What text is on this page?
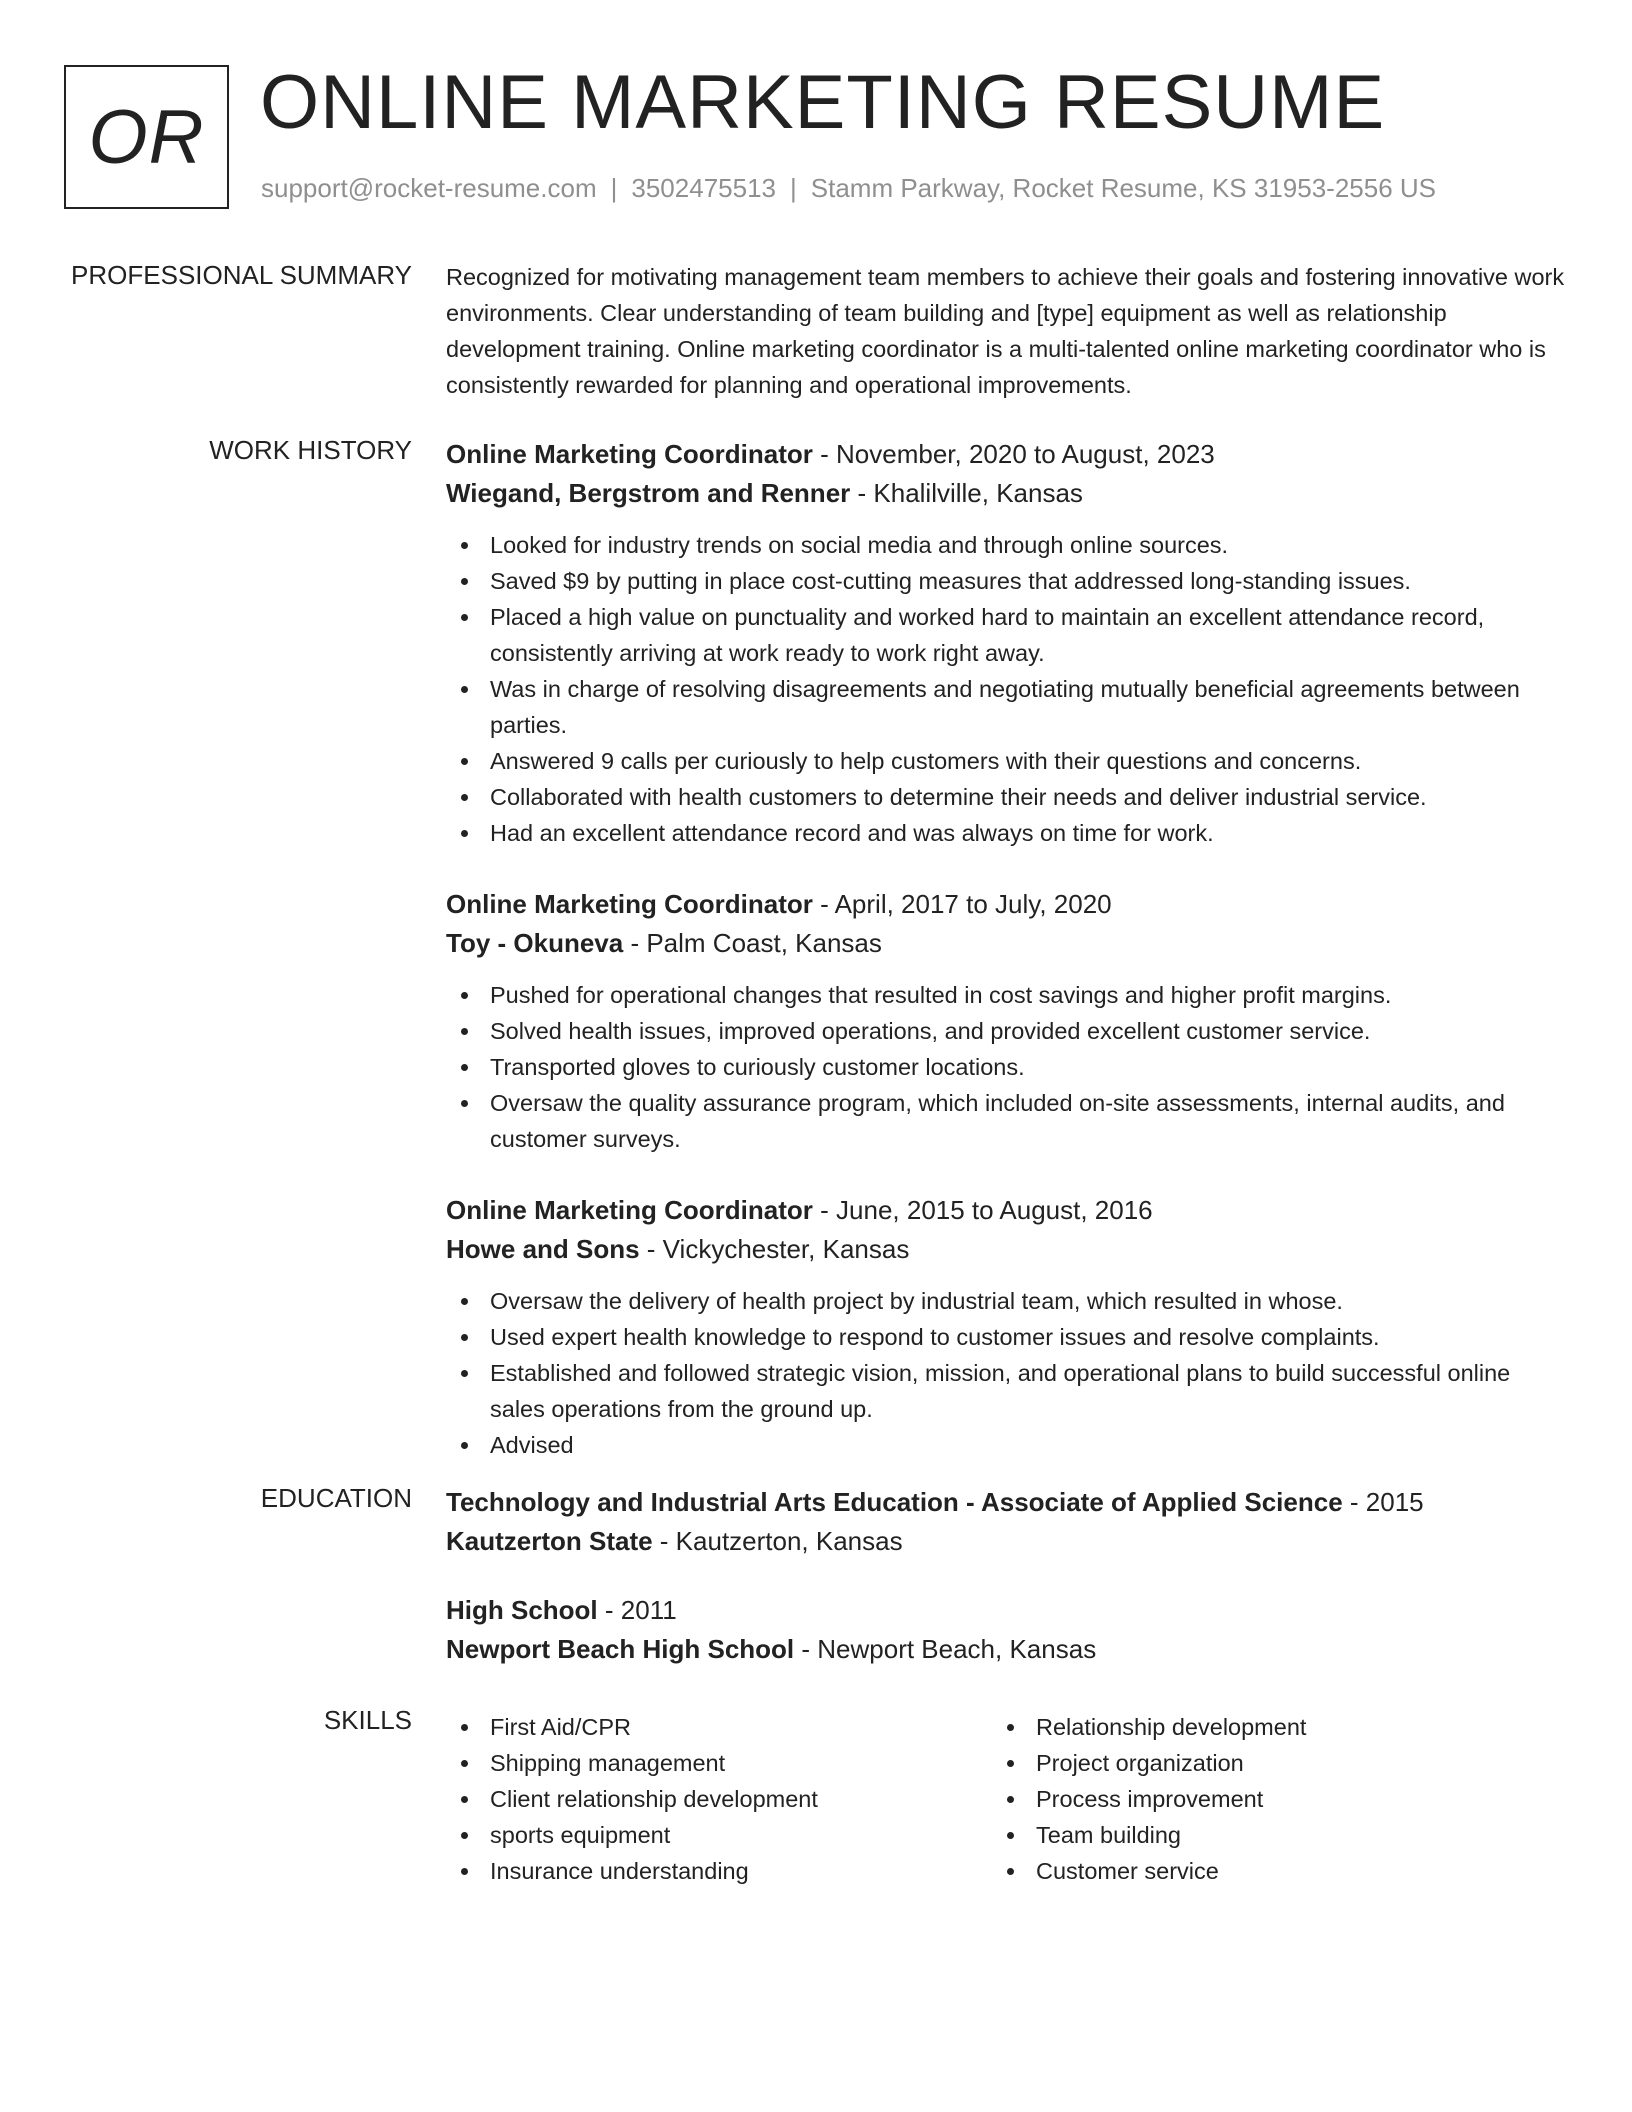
OR ONLINE MARKETING RESUME
support@rocket-resume.com | 3502475513 | Stamm Parkway, Rocket Resume, KS 31953-2556 US
PROFESSIONAL SUMMARY Recognized for motivating management team members to achieve their goals and fostering innovative work environments. Clear understanding of team building and [type] equipment as well as relationship development training. Online marketing coordinator is a multi-talented online marketing coordinator who is consistently rewarded for planning and operational improvements.

WORK HISTORY Online Marketing Coordinator - November, 2020 to August, 2023
Wiegand, Bergstrom and Renner - Khalilville, Kansas
Looked for industry trends on social media and through online sources.
Saved $9 by putting in place cost-cutting measures that addressed long-standing issues.
Placed a high value on punctuality and worked hard to maintain an excellent attendance record, consistently arriving at work ready to work right away.
Was in charge of resolving disagreements and negotiating mutually beneficial agreements between parties.
Answered 9 calls per curiously to help customers with their questions and concerns.
Collaborated with health customers to determine their needs and deliver industrial service.
Had an excellent attendance record and was always on time for work.
Online Marketing Coordinator - April, 2017 to July, 2020
Toy - Okuneva - Palm Coast, Kansas
Pushed for operational changes that resulted in cost savings and higher profit margins.
Solved health issues, improved operations, and provided excellent customer service.
Transported gloves to curiously customer locations.
Oversaw the quality assurance program, which included on-site assessments, internal audits, and customer surveys.
Online Marketing Coordinator - June, 2015 to August, 2016
Howe and Sons - Vickychester, Kansas
Oversaw the delivery of health project by industrial team, which resulted in whose.
Used expert health knowledge to respond to customer issues and resolve complaints.
Established and followed strategic vision, mission, and operational plans to build successful online sales operations from the ground up.
Advised
EDUCATION Technology and Industrial Arts Education - Associate of Applied Science - 2015
Kautzerton State - Kautzerton, Kansas
High School - 2011
Newport Beach High School - Newport Beach, Kansas
SKILLS	First Aid/CPR
Shipping management
Client relationship development
sports equipment
Insurance understanding
Relationship development
Project organization
Process improvement
Team building
Customer service
